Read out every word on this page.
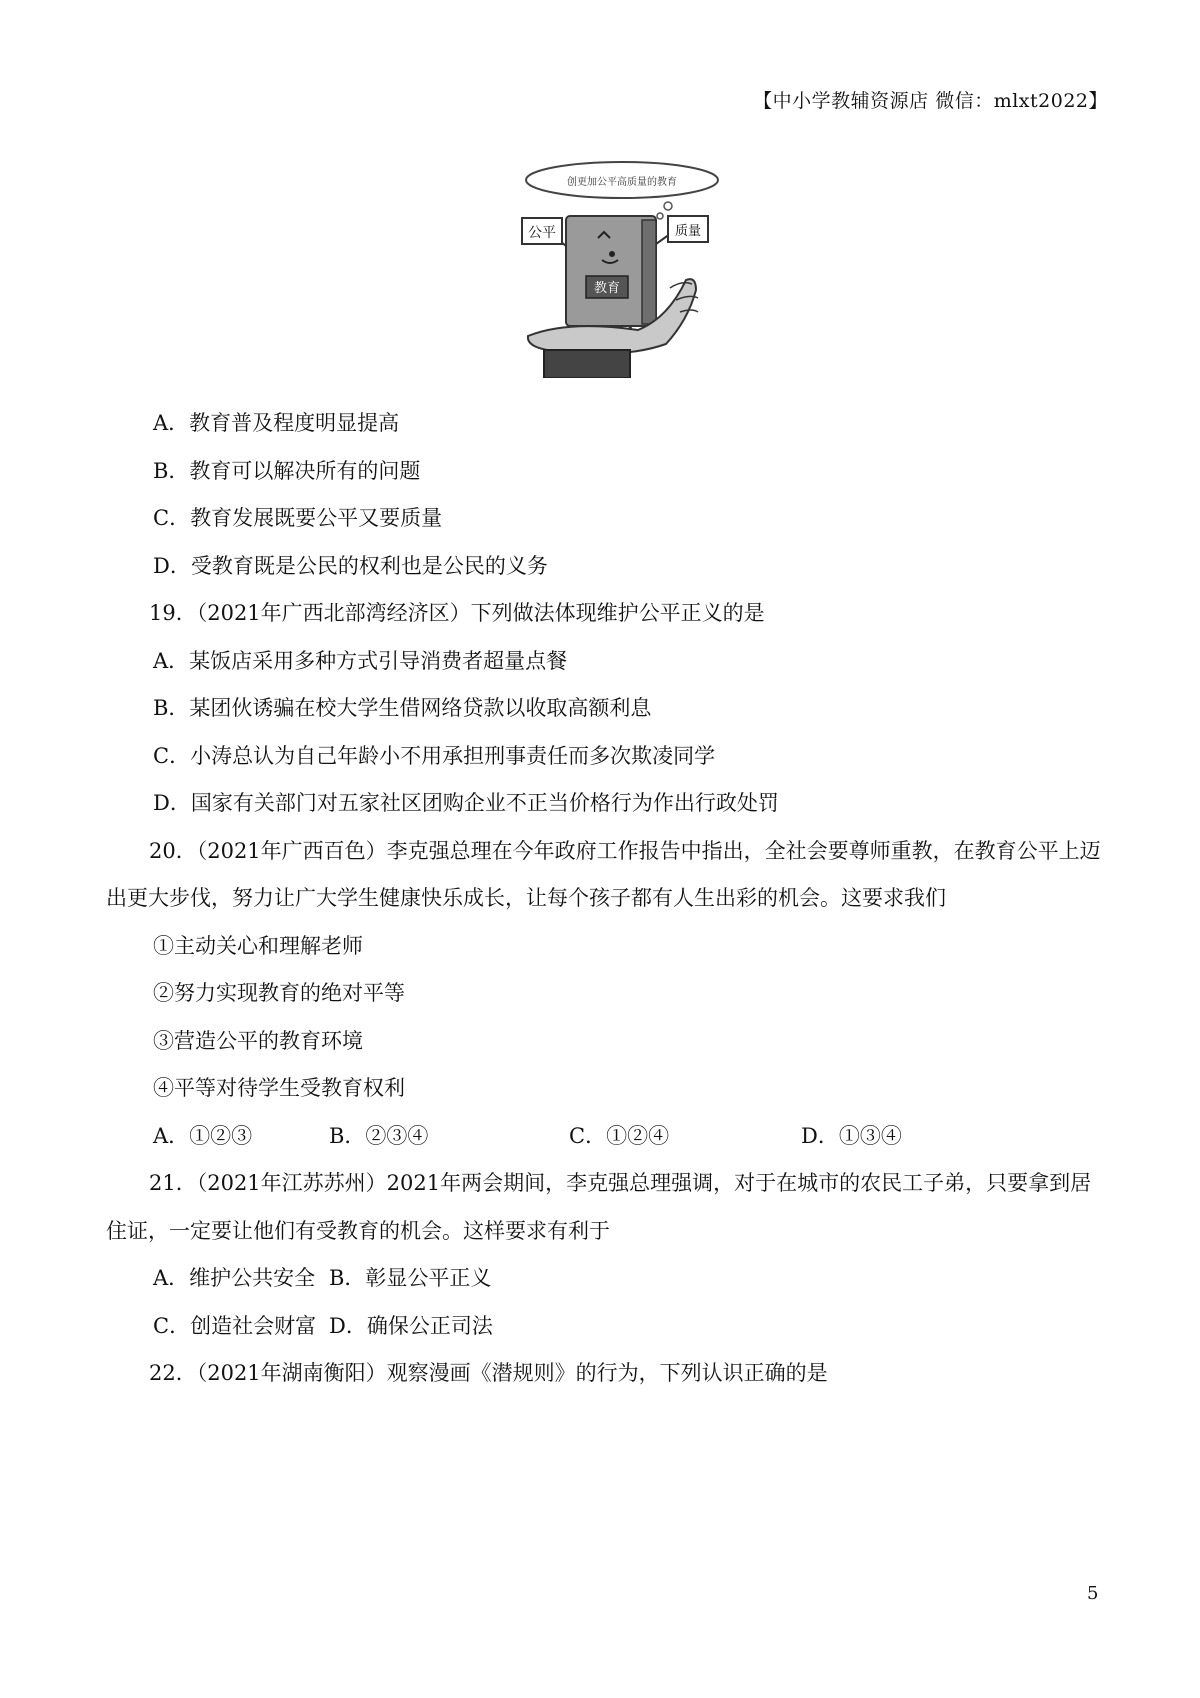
【中小学教辅资源店 微信：mlxt2022】
创更加公平高质量的教育
教育
公平	质量
A．教育普及程度明显提高
B．教育可以解决所有的问题
C．教育发展既要公平又要质量
D．受教育既是公民的权利也是公民的义务
19．（2021年广西北部湾经济区）下列做法体现维护公平正义的是
A．某饭店采用多种方式引导消费者超量点餐
B．某团伙诱骗在校大学生借网络贷款以收取高额利息
C．小涛总认为自己年龄小不用承担刑事责任而多次欺凌同学
D．国家有关部门对五家社区团购企业不正当价格行为作出行政处罚
20．（2021年广西百色）李克强总理在今年政府工作报告中指出，全社会要尊师重教，在教育公平上迈
出更大步伐，努力让广大学生健康快乐成长，让每个孩子都有人生出彩的机会。这要求我们
①主动关心和理解老师
②努力实现教育的绝对平等
③营造公平的教育环境
④平等对待学生受教育权利
A．①②③	B．②③④	C．①②④	D．①③④
21．（2021年江苏苏州）2021年两会期间，李克强总理强调，对于在城市的农民工子弟，只要拿到居
住证，一定要让他们有受教育的机会。这样要求有利于
A．维护公共安全 B．彰显公平正义
C．创造社会财富 D．确保公正司法
22．（2021年湖南衡阳）观察漫画《潜规则》的行为，下列认识正确的是
5
